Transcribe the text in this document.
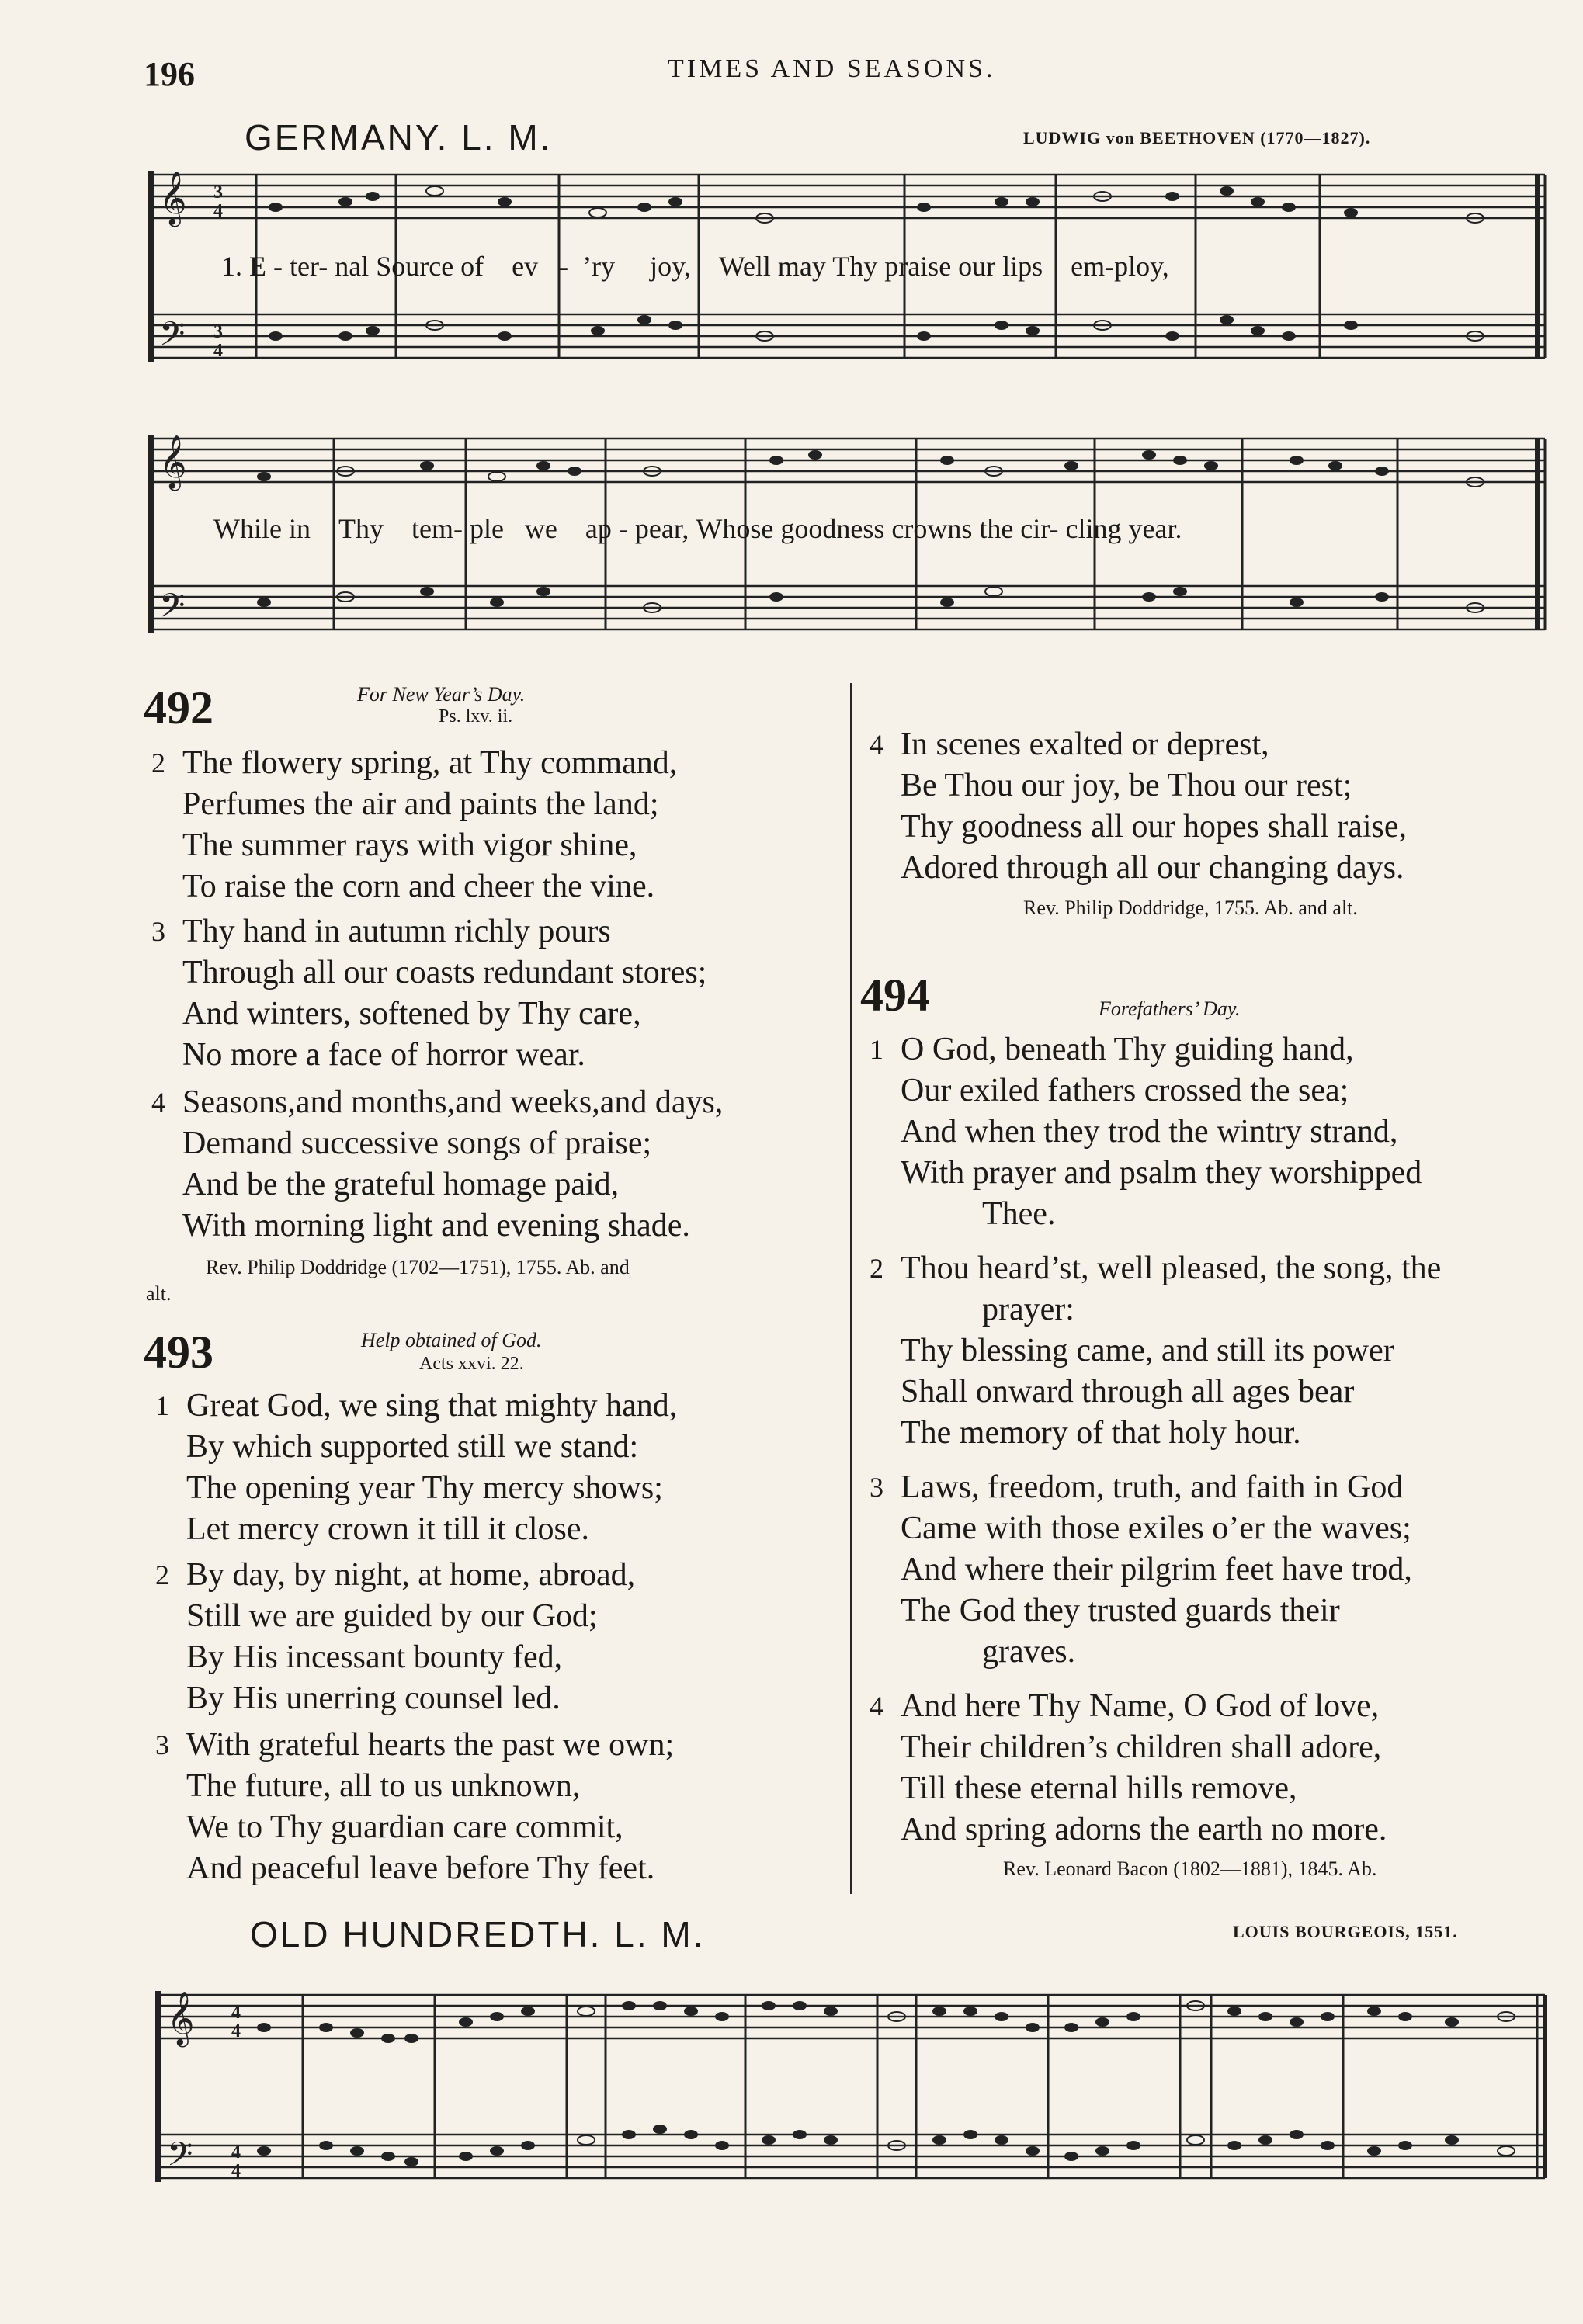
196	TIMES AND SEASONS.
GERMANY. L. M.	LUDWIG von BEETHOVEN (1770—1827).
𝄞
𝄢
3
4
3
4
1. E - ter- nal Source of ev - ’ry joy, Well may Thy praise our lips em-ploy,
𝄞
𝄢
While in Thy tem- ple we ap - pear, Whose goodness crowns the cir- cling year.
492	For New Year’s Day.
Ps. lxv. ii.
2 The flowery spring, at Thy command,
Perfumes the air and paints the land;
The summer rays with vigor shine,
To raise the corn and cheer the vine.
3 Thy hand in autumn richly pours
Through all our coasts redundant stores;
And winters, softened by Thy care,
No more a face of horror wear.
4 Seasons,and months,and weeks,and days,
Demand successive songs of praise;
And be the grateful homage paid,
With morning light and evening shade.
Rev. Philip Doddridge (1702—1751), 1755. Ab. and
alt.
493	Help obtained of God.
Acts xxvi. 22.
1 Great God, we sing that mighty hand,
By which supported still we stand:
The opening year Thy mercy shows;
Let mercy crown it till it close.
2 By day, by night, at home, abroad,
Still we are guided by our God;
By His incessant bounty fed,
By His unerring counsel led.
3 With grateful hearts the past we own;
The future, all to us unknown,
We to Thy guardian care commit,
And peaceful leave before Thy feet.
4 In scenes exalted or deprest,
Be Thou our joy, be Thou our rest;
Thy goodness all our hopes shall raise,
Adored through all our changing days.
Rev. Philip Doddridge, 1755. Ab. and alt.
494	Forefathers’ Day.
1 O God, beneath Thy guiding hand,
Our exiled fathers crossed the sea;
And when they trod the wintry strand,
With prayer and psalm they worshipped
Thee.
2 Thou heard’st, well pleased, the song, the
prayer:
Thy blessing came, and still its power
Shall onward through all ages bear
The memory of that holy hour.
3 Laws, freedom, truth, and faith in God
Came with those exiles o’er the waves;
And where their pilgrim feet have trod,
The God they trusted guards their
graves.
4 And here Thy Name, O God of love,
Their children’s children shall adore,
Till these eternal hills remove,
And spring adorns the earth no more.
Rev. Leonard Bacon (1802—1881), 1845. Ab.
OLD HUNDREDTH. L. M.	LOUIS BOURGEOIS, 1551.
𝄞
𝄢
4
4
4
4
